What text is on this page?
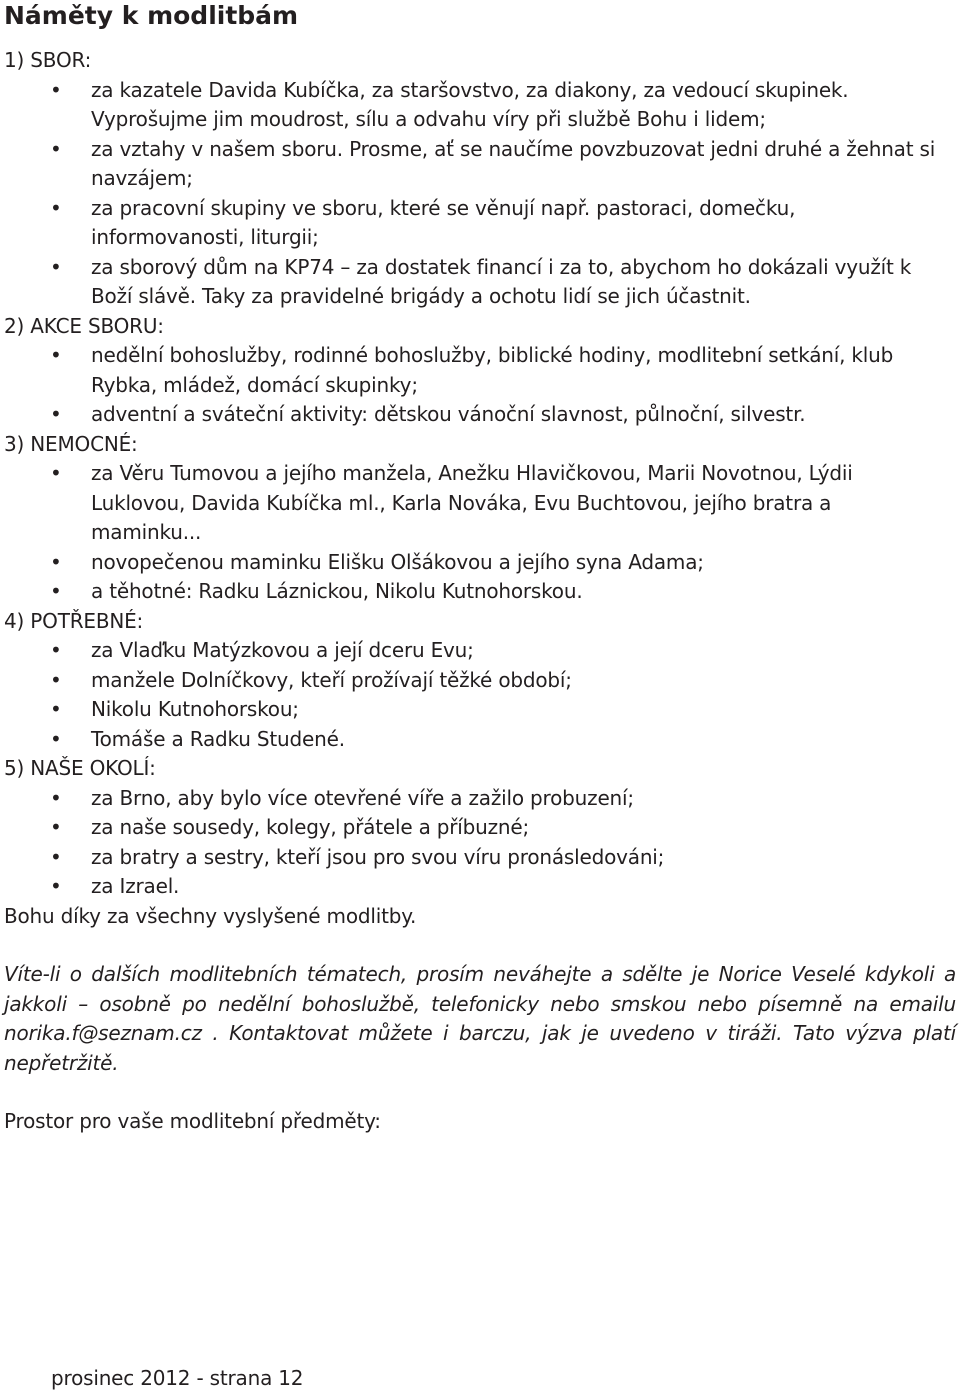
Náměty k modlitbám

1) SBOR:

• za kazatele Davida Kubíčka, za staršovstvo, za diakony, za vedoucí skupinek. Vyprošujme jim moudrost, sílu a odvahu víry při službě Bohu i lidem;
• za vztahy v našem sboru. Prosme, ať se naučíme povzbuzovat jedni druhé a žehnat si navzájem;
• za pracovní skupiny ve sboru, které se věnují např. pastoraci, domečku, informovanosti, liturgii;
• za sborový dům na KP74 – za dostatek financí i za to, abychom ho dokázali využít k Boží slávě. Taky za pravidelné brigády a ochotu lidí se jich účastnit.

2) AKCE SBORU:

• nedělní bohoslužby, rodinné bohoslužby, biblické hodiny, modlitební setkání, klub Rybka, mládež, domácí skupinky;
• adventní a sváteční aktivity: dětskou vánoční slavnost, půlnoční, silvestr.

3) NEMOCNÉ:

• za Věru Tumovou a jejího manžela, Anežku Hlavičkovou, Marii Novotnou, Lýdii Luklovou, Davida Kubíčka ml., Karla Nováka, Evu Buchtovou, jejího bratra a maminku...
• novopečenou maminku Elišku Olšákovou a jejího syna Adama;
• a těhotné: Radku Láznickou, Nikolu Kutnohorskou.

4) POTŘEBNÉ:

• za Vlaďku Matýzkovou a její dceru Evu;
• manžele Dolníčkovy, kteří prožívají těžké období;
• Nikolu Kutnohorskou;
• Tomáše a Radku Studené.

5) NAŠE OKOLÍ:

• za Brno, aby bylo více otevřené víře a zažilo probuzení;
• za naše sousedy, kolegy, přátele a příbuzné;
• za bratry a sestry, kteří jsou pro svou víru pronásledováni;
• za Izrael.

Bohu díky za všechny vyslyšené modlitby.

Víte-li o dalších modlitebních tématech, prosím neváhejte a sdělte je Norice Veselé kdykoli a jakkoli – osobně po nedělní bohoslužbě, telefonicky nebo smskou nebo písemně na emailu norika.f@seznam.cz . Kontaktovat můžete i barczu, jak je uvedeno v tiráži. Tato výzva platí nepřetržitě.

Prostor pro vaše modlitební předměty:

prosinec 2012 - strana 12
